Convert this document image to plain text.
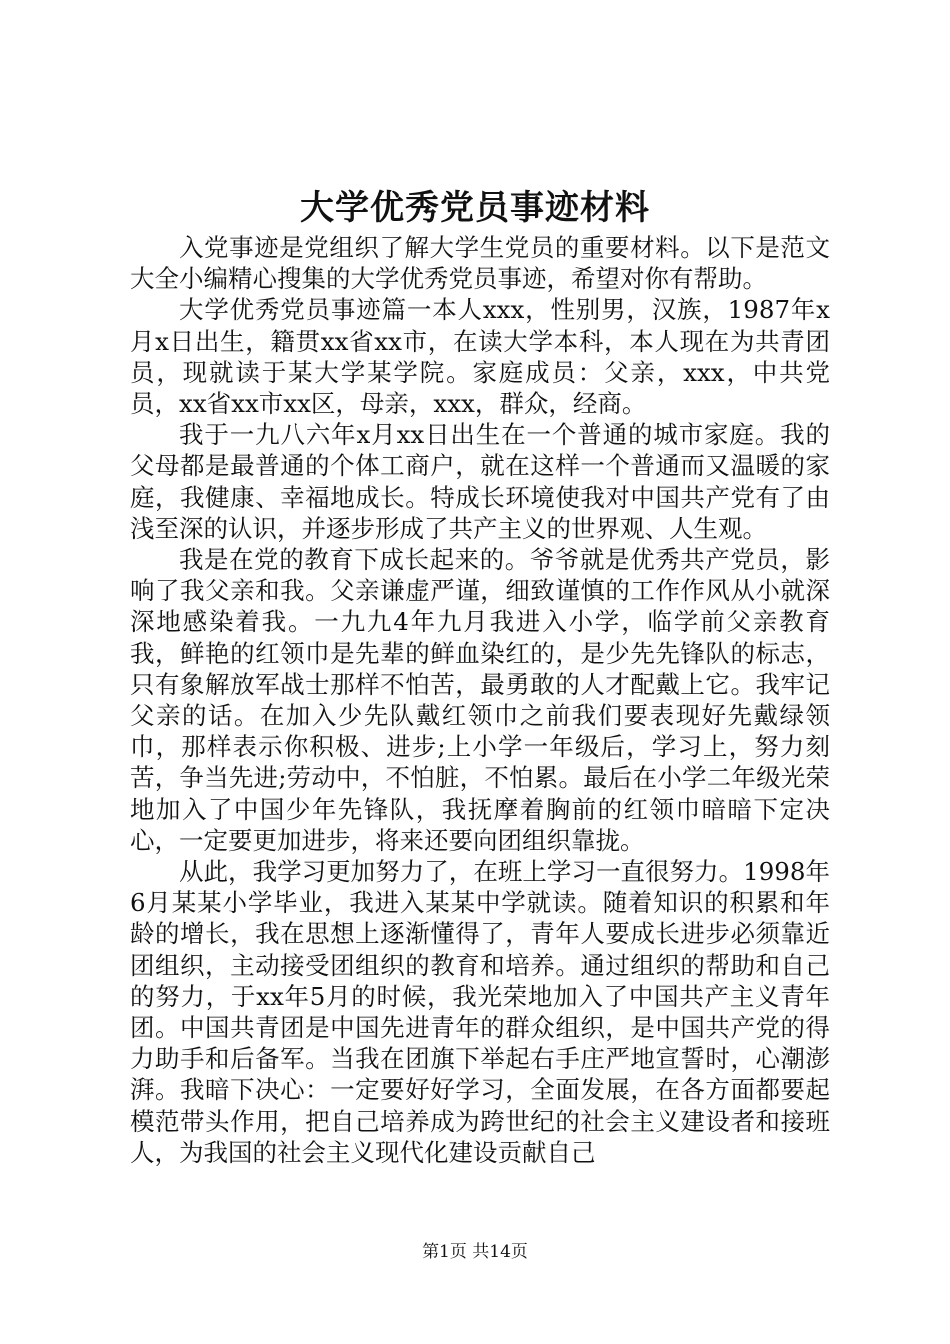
大学优秀党员事迹材料

入党事迹是党组织了解大学生党员的重要材料。以下是范文大全小编精心搜集的大学优秀党员事迹，希望对你有帮助。

大学优秀党员事迹篇一本人xxx，性别男，汉族，1987年x月x日出生，籍贯xx省xx市，在读大学本科，本人现在为共青团员，现就读于某大学某学院。家庭成员：父亲，xxx，中共党员，xx省xx市xx区，母亲，xxx，群众，经商。

我于一九八六年x月xx日出生在一个普通的城市家庭。我的父母都是最普通的个体工商户，就在这样一个普通而又温暖的家庭，我健康、幸福地成长。特成长环境使我对中国共产党有了由浅至深的认识，并逐步形成了共产主义的世界观、人生观。

我是在党的教育下成长起来的。爷爷就是优秀共产党员，影响了我父亲和我。父亲谦虚严谨，细致谨慎的工作作风从小就深深地感染着我。一九九4年九月我进入小学，临学前父亲教育我，鲜艳的红领巾是先辈的鲜血染红的，是少先先锋队的标志，只有象解放军战士那样不怕苦，最勇敢的人才配戴上它。我牢记父亲的话。在加入少先队戴红领巾之前我们要表现好先戴绿领巾，那样表示你积极、进步;上小学一年级后，学习上，努力刻苦，争当先进;劳动中，不怕脏，不怕累。最后在小学二年级光荣地加入了中国少年先锋队，我抚摩着胸前的红领巾暗暗下定决心，一定要更加进步，将来还要向团组织靠拢。

从此，我学习更加努力了，在班上学习一直很努力。1998年6月某某小学毕业，我进入某某中学就读。随着知识的积累和年龄的增长，我在思想上逐渐懂得了，青年人要成长进步必须靠近团组织，主动接受团组织的教育和培养。通过组织的帮助和自己的努力，于xx年5月的时候，我光荣地加入了中国共产主义青年团。中国共青团是中国先进青年的群众组织，是中国共产党的得力助手和后备军。当我在团旗下举起右手庄严地宣誓时，心潮澎湃。我暗下决心：一定要好好学习，全面发展，在各方面都要起模范带头作用，把自己培养成为跨世纪的社会主义建设者和接班人，为我国的社会主义现代化建设贡献自己

第1页 共14页
